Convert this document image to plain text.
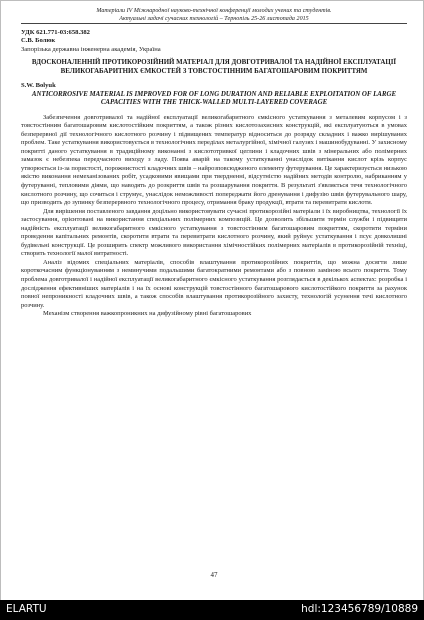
Матеріали IV Міжнародної науково-технічної конференції молодих учених та студентів.
Актуальні задачі сучасних технологій – Тернопіль 25-26 листопада 2015
УДК 621.771-03:658.382
С.В. Болюк
Запорізька державна інженерна академія, Україна
ВДОСКОНАЛЕННІЙ ПРОТИКОРОЗІЙНИЙ МАТЕРІАЛ ДЛЯ ДОВГОТРИВАЛОЇ ТА НАДІЙНОЇ ЕКСПЛУАТАЦІЇ ВЕЛИКОГАБАРИТНИХ ЄМКОСТЕЙ З ТОВСТОСТІННИМ БАГАТОШАРОВИМ ПОКРИТТЯМ
S.W. Bolyuk
ANTICORROSIVE MATERIAL IS IMPROVED FOR OF LONG DURATION AND RELIABLE EXPLOITATION OF LARGE CAPACITIES WITH THE THICK-WALLED MULTI-LAYERED COVERAGE

Забезпечення довготривалої та надійної експлуатації великогабаритного ємкісного устаткування з металевим корпусом і з товстостінним багатошаровим кислотостійким покриттям, а також різних кислотозахисних конструкцій, які експлуатуються в умовах безперервної дії технологічного кислотного розчину і підвищених температур відноситься до розряду складних і важко вирішуваних проблем. Таке устаткування використовується в технологічних переділах металургійної, хімічної галузях і машинобудуванні. У захисному покритті даного устаткування в традиційному виконанні з кислототривкої цеглини і кладочних швів з мінеральних або полімерних замазок є небезпека передчасного виходу з ладу. Поява аварій на такому устаткуванні унаслідок витікання кислот крізь корпус утворюється із-за пористості, порожнистості кладочних швів – найрозповсюдженого елементу футерування. Це характеризується низькою якістю виконання немеханізованих робіт, усадковими явищами при твердненні, відсутністю надійних методів контролю, набриканням у футеруванні, тепловими діями, що наводять до розкриття швів та розшарування покриття. В результаті з'являється течя технологічного кислотного розчину, що сочиться і струмує, унаслідок неможливості попереджати його дренування і дифузію швів футерувального шару, що призводить до зупинку безперервного технологічного процесу, отримання браку продукції, втрати та перевитрати кислоти.

Для вирішення поставленого завдання доцільно використовувати сучасні протикорозійні матеріали і їх виробництва, технології їх застосування, орієнтовані на використання спеціальних полімерних композицій. Це дозволить збільшити термін служби і підвищити надійність експлуатації великогабаритного ємкісного устаткування з товстостінним багатошаровим покриттям, скоротити терміни проведення капітальних ремонтів, скоротити втрати та перевитрати кислотного розчину, який руйнує устаткування і псує довколишні будівельні конструкції. Це розширить спектр можливого використання хімічностійких полімерних матеріалів в протикорозійній техніці, створить технології малої витратності.

Аналіз відомих спеціальних матеріалів, способів влаштування протикорозійних покриттів, що можна досягти лише короткочасним функціонуванням з неминучими подальшими багатократними ремонтами або з повною заміною всього покриття. Тому проблема довготривалої і надійної експлуатації великогабаритного ємкісного устаткування розглядається в декількох аспектах: розробка і дослідження ефективніших матеріалів і на їх основі конструкцій товстостінного багатошарового кислотостійкого покриття за рахунок повної непроникності кладочних швів, а також способів влаштування протикорозійного захисту, технологій усунення течі кислотного розчину.

Механізм створення важкопроникних на дифузійному рівні багатошарових

47
ELARTU	hdl:123456789/10889
